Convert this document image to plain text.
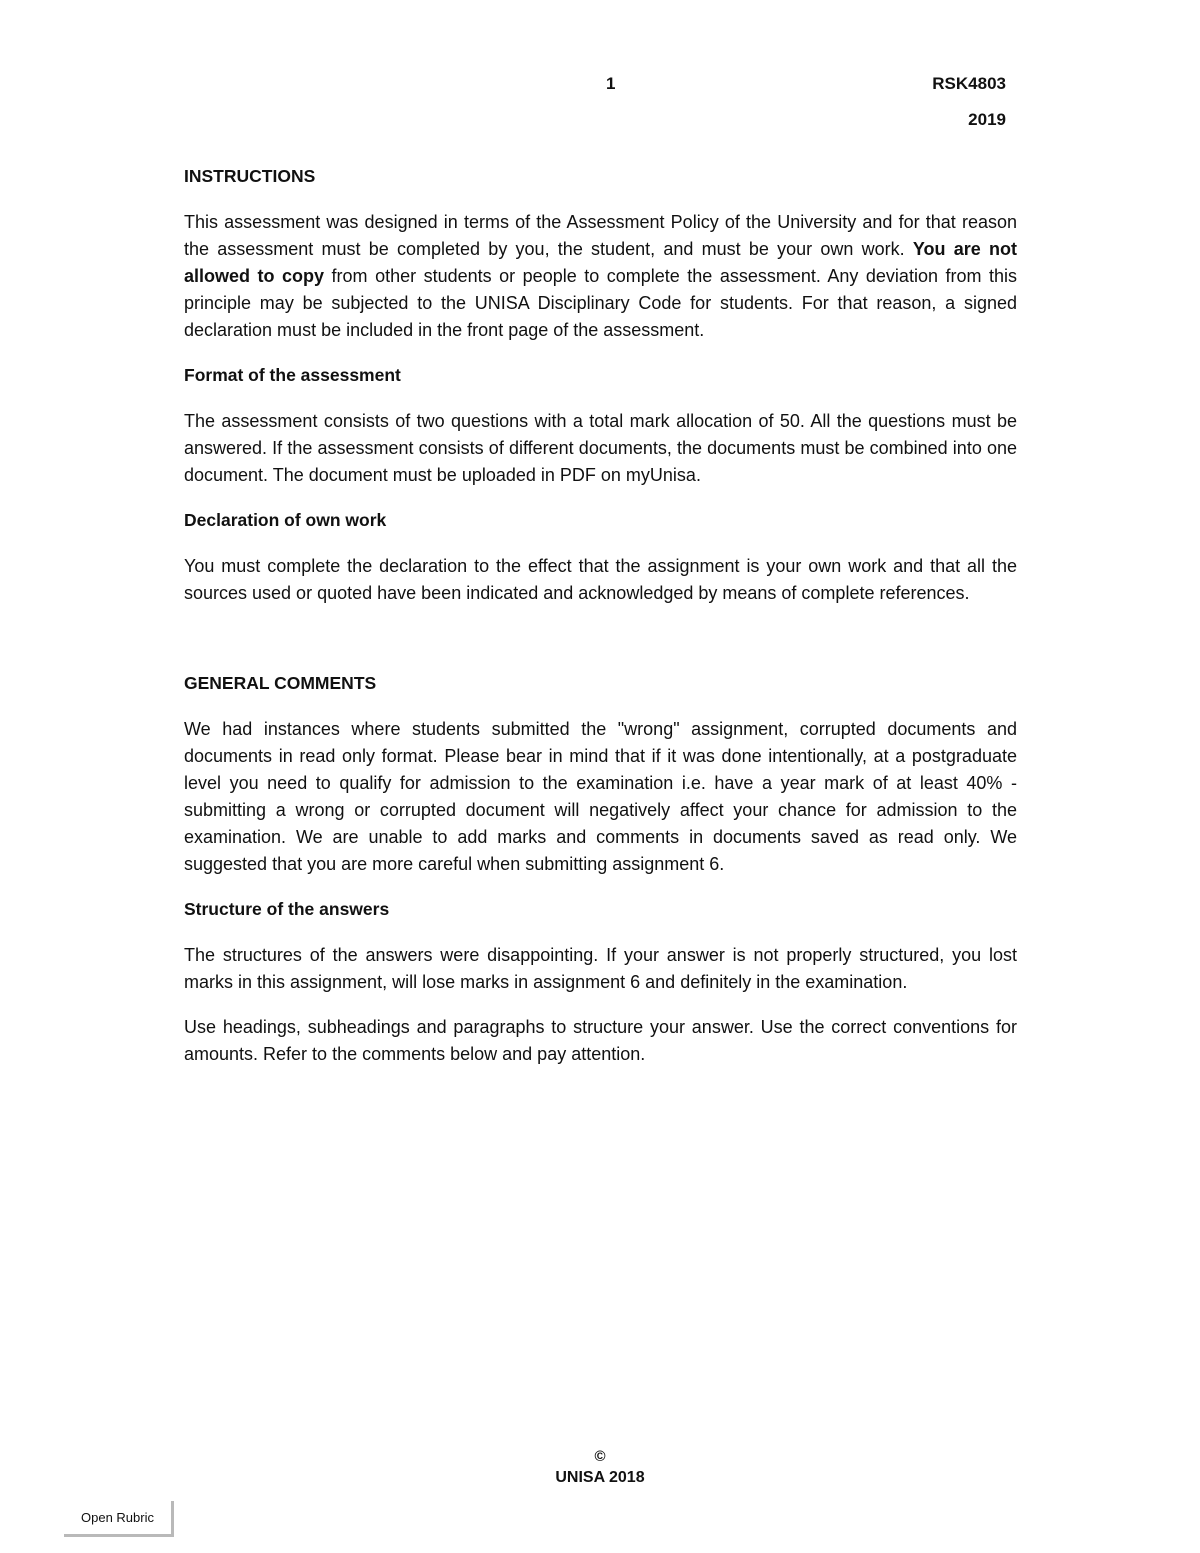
1	RSK4803
2019
INSTRUCTIONS

This assessment was designed in terms of the Assessment Policy of the University and for that reason the assessment must be completed by you, the student, and must be your own work. You are not allowed to copy from other students or people to complete the assessment. Any deviation from this principle may be subjected to the UNISA Disciplinary Code for students. For that reason, a signed declaration must be included in the front page of the assessment.

Format of the assessment

The assessment consists of two questions with a total mark allocation of 50. All the questions must be answered. If the assessment consists of different documents, the documents must be combined into one document. The document must be uploaded in PDF on myUnisa.

Declaration of own work

You must complete the declaration to the effect that the assignment is your own work and that all the sources used or quoted have been indicated and acknowledged by means of complete references.

GENERAL COMMENTS

We had instances where students submitted the "wrong" assignment, corrupted documents and documents in read only format. Please bear in mind that if it was done intentionally, at a postgraduate level you need to qualify for admission to the examination i.e. have a year mark of at least 40% - submitting a wrong or corrupted document will negatively affect your chance for admission to the examination. We are unable to add marks and comments in documents saved as read only. We suggested that you are more careful when submitting assignment 6.

Structure of the answers

The structures of the answers were disappointing. If your answer is not properly structured, you lost marks in this assignment, will lose marks in assignment 6 and definitely in the examination.

Use headings, subheadings and paragraphs to structure your answer. Use the correct conventions for amounts. Refer to the comments below and pay attention.

©
UNISA 2018
Open Rubric
